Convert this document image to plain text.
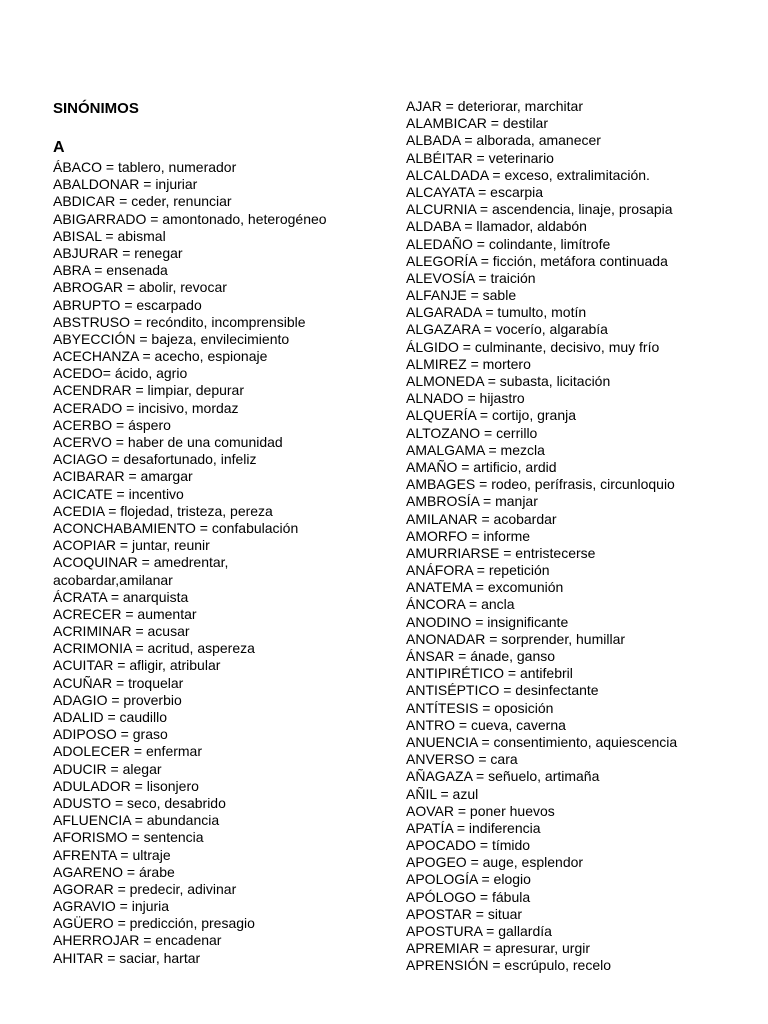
SINÓNIMOS
A
ÁBACO = tablero, numerador
ABALDONAR = injuriar
ABDICAR = ceder, renunciar
ABIGARRADO = amontonado, heterogéneo
ABISAL = abismal
ABJURAR = renegar
ABRA = ensenada
ABROGAR = abolir, revocar
ABRUPTO = escarpado
ABSTRUSO = recóndito, incomprensible
ABYECCIÓN = bajeza, envilecimiento
ACECHANZA = acecho, espionaje
ACEDO= ácido, agrio
ACENDRAR = limpiar, depurar
ACERADO = incisivo, mordaz
ACERBO = áspero
ACERVO = haber de una comunidad
ACIAGO = desafortunado, infeliz
ACIBARAR = amargar
ACICATE = incentivo
ACEDIA = flojedad, tristeza, pereza
ACONCHABAMIENTO = confabulación
ACOPIAR = juntar, reunir
ACOQUINAR = amedrentar,
acobardar,amilanar
ÁCRATA = anarquista
ACRECER = aumentar
ACRIMINAR = acusar
ACRIMONIA = acritud, aspereza
ACUITAR = afligir, atribular
ACUÑAR = troquelar
ADAGIO = proverbio
ADALID = caudillo
ADIPOSO = graso
ADOLECER = enfermar
ADUCIR = alegar
ADULADOR = lisonjero
ADUSTO = seco, desabrido
AFLUENCIA = abundancia
AFORISMO = sentencia
AFRENTA = ultraje
AGARENO = árabe
AGORAR = predecir, adivinar
AGRAVIO = injuria
AGÜERO = predicción, presagio
AHERROJAR = encadenar
AHITAR = saciar, hartar
AJAR = deteriorar, marchitar
ALAMBICAR = destilar
ALBADA = alborada, amanecer
ALBÉITAR = veterinario
ALCALDADA = exceso, extralimitación.
ALCAYATA = escarpia
ALCURNIA = ascendencia, linaje, prosapia
ALDABA = llamador, aldabón
ALEDAÑO = colindante, limítrofe
ALEGORÍA = ficción, metáfora continuada
ALEVOSÍA = traición
ALFANJE = sable
ALGARADA = tumulto, motín
ALGAZARA = vocerío, algarabía
ÁLGIDO = culminante, decisivo, muy frío
ALMIREZ = mortero
ALMONEDA = subasta, licitación
ALNADO = hijastro
ALQUERÍA = cortijo, granja
ALTOZANO = cerrillo
AMALGAMA = mezcla
AMAÑO = artificio, ardid
AMBAGES = rodeo, perífrasis, circunloquio
AMBROSÍA = manjar
AMILANAR = acobardar
AMORFO = informe
AMURRIARSE = entristecerse
ANÁFORA = repetición
ANATEMA = excomunión
ÁNCORA = ancla
ANODINO = insignificante
ANONADAR = sorprender, humillar
ÁNSAR = ánade, ganso
ANTIPIRÉTICO = antifebril
ANTISÉPTICO = desinfectante
ANTÍTESIS = oposición
ANTRO = cueva, caverna
ANUENCIA = consentimiento, aquiescencia
ANVERSO = cara
AÑAGAZA = señuelo, artimaña
AÑIL = azul
AOVAR = poner huevos
APATÍA = indiferencia
APOCADO = tímido
APOGEO = auge, esplendor
APOLOGÍA = elogio
APÓLOGO = fábula
APOSTAR = situar
APOSTURA = gallardía
APREMIAR = apresurar, urgir
APRENSIÓN = escrúpulo, recelo
